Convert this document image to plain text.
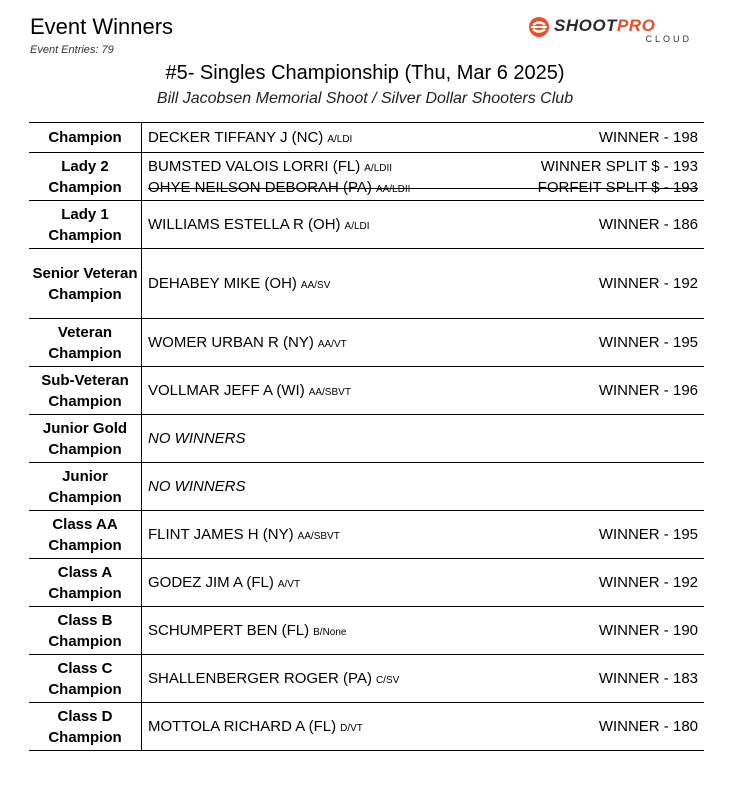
Event Winners
Event Entries: 79
SHOOTPRO
CLOUD
#5- Singles Championship (Thu, Mar 6 2025)
Bill Jacobsen Memorial Shoot / Silver Dollar Shooters Club
Champion DECKER TIFFANY J (NC) A/LDI	WINNER - 198
Lady 2 Champion
BUMSTED VALOIS LORRI (FL) A/LDII	WINNER SPLIT $ - 193
OHYE NEILSON DEBORAH (PA) AA/LDII	FORFEIT SPLIT $ - 193
Lady 1 Champion
WILLIAMS ESTELLA R (OH) A/LDI	WINNER - 186
Senior Veteran Champion
DEHABEY MIKE (OH) AA/SV	WINNER - 192
Veteran Champion
WOMER URBAN R (NY) AA/VT	WINNER - 195
Sub-Veteran Champion
VOLLMAR JEFF A (WI) AA/SBVT	WINNER - 196
Junior Gold Champion
NO WINNERS
Junior Champion
NO WINNERS
Class AA Champion
FLINT JAMES H (NY) AA/SBVT	WINNER - 195
Class A Champion
GODEZ JIM A (FL) A/VT	WINNER - 192
Class B Champion
SCHUMPERT BEN (FL) B/None	WINNER - 190
Class C Champion
SHALLENBERGER ROGER (PA) C/SV	WINNER - 183
Class D Champion
MOTTOLA RICHARD A (FL) D/VT	WINNER - 180
